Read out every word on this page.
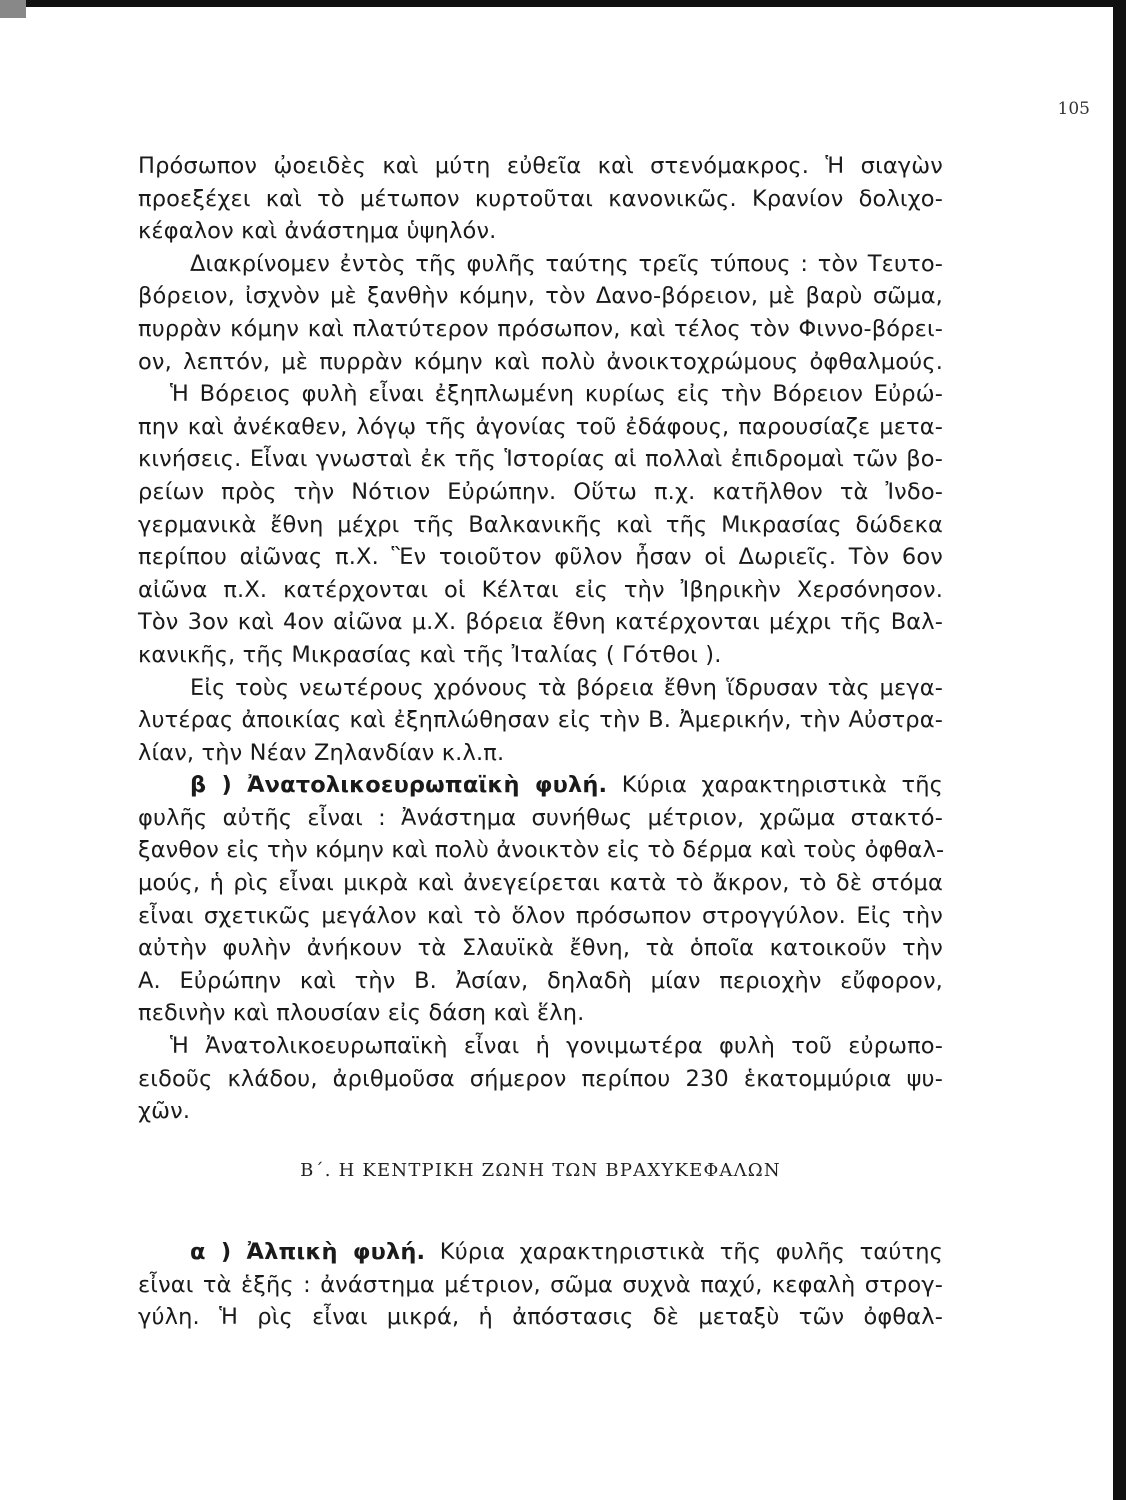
105
Πρόσωπον ᾠοειδὲς καὶ μύτη εὐθεῖα καὶ στενόμακρος. Ἡ σιαγὼν
προεξέχει καὶ τὸ μέτωπον κυρτοῦται κανονικῶς. Κρανίον δολιχο-
κέφαλον καὶ ἀνάστημα ὑψηλόν.
Διακρίνομεν ἐντὸς τῆς φυλῆς ταύτης τρεῖς τύπους : τὸν Τευτο-
βόρειον, ἰσχνὸν μὲ ξανθὴν κόμην, τὸν Δανο-βόρειον, μὲ βαρὺ σῶμα,
πυρρὰν κόμην καὶ πλατύτερον πρόσωπον, καὶ τέλος τὸν Φιννο-βόρει-
ον, λεπτόν, μὲ πυρρὰν κόμην καὶ πολὺ ἀνοικτοχρώμους ὀφθαλμούς.
Ἡ Βόρειος φυλὴ εἶναι ἐξηπλωμένη κυρίως εἰς τὴν Βόρειον Εὐρώ-
πην καὶ ἀνέκαθεν, λόγῳ τῆς ἀγονίας τοῦ ἐδάφους, παρουσίαζε μετα-
κινήσεις. Εἶναι γνωσταὶ ἐκ τῆς Ἱστορίας αἱ πολλαὶ ἐπιδρομαὶ τῶν βο-
ρείων πρὸς τὴν Νότιον Εὐρώπην. Οὕτω π.χ. κατῆλθον τὰ Ἰνδο-
γερμανικὰ ἔθνη μέχρι τῆς Βαλκανικῆς καὶ τῆς Μικρασίας δώδεκα
περίπου αἰῶνας π.Χ. Ἓν τοιοῦτον φῦλον ἦσαν οἱ Δωριεῖς. Τὸν 6ον
αἰῶνα π.Χ. κατέρχονται οἱ Κέλται εἰς τὴν Ἰβηρικὴν Χερσόνησον.
Τὸν 3ον καὶ 4ον αἰῶνα μ.Χ. βόρεια ἔθνη κατέρχονται μέχρι τῆς Βαλ-
κανικῆς, τῆς Μικρασίας καὶ τῆς Ἰταλίας ( Γότθοι ).
Εἰς τοὺς νεωτέρους χρόνους τὰ βόρεια ἔθνη ἵδρυσαν τὰς μεγα-
λυτέρας ἀποικίας καὶ ἐξηπλώθησαν εἰς τὴν Β. Ἀμερικήν, τὴν Αὐστρα-
λίαν, τὴν Νέαν Ζηλανδίαν κ.λ.π.
β ) Ἀνατολικοευρωπαϊκὴ φυλή. Κύρια χαρακτηριστικὰ τῆς
φυλῆς αὐτῆς εἶναι : Ἀνάστημα συνήθως μέτριον, χρῶμα στακτό-
ξανθον εἰς τὴν κόμην καὶ πολὺ ἀνοικτὸν εἰς τὸ δέρμα καὶ τοὺς ὀφθαλ-
μούς, ἡ ρὶς εἶναι μικρὰ καὶ ἀνεγείρεται κατὰ τὸ ἄκρον, τὸ δὲ στόμα
εἶναι σχετικῶς μεγάλον καὶ τὸ ὅλον πρόσωπον στρογγύλον. Εἰς τὴν
αὐτὴν φυλὴν ἀνήκουν τὰ Σλαυϊκὰ ἔθνη, τὰ ὁποῖα κατοικοῦν τὴν
Α. Εὐρώπην καὶ τὴν Β. Ἀσίαν, δηλαδὴ μίαν περιοχὴν εὔφορον,
πεδινὴν καὶ πλουσίαν εἰς δάση καὶ ἕλη.
Ἡ Ἀνατολικοευρωπαϊκὴ εἶναι ἡ γονιμωτέρα φυλὴ τοῦ εὐρωπο-
ειδοῦς κλάδου, ἀριθμοῦσα σήμερον περίπου 230 ἑκατομμύρια ψυ-
χῶν.
Β΄. Η ΚΕΝΤΡΙΚΗ ΖΩΝΗ ΤΩΝ ΒΡΑΧΥΚΕΦΑΛΩΝ
α ) Ἀλπικὴ φυλή. Κύρια χαρακτηριστικὰ τῆς φυλῆς ταύτης
εἶναι τὰ ἑξῆς : ἀνάστημα μέτριον, σῶμα συχνὰ παχύ, κεφαλὴ στρογ-
γύλη. Ἡ ρὶς εἶναι μικρά, ἡ ἀπόστασις δὲ μεταξὺ τῶν ὀφθαλ-
